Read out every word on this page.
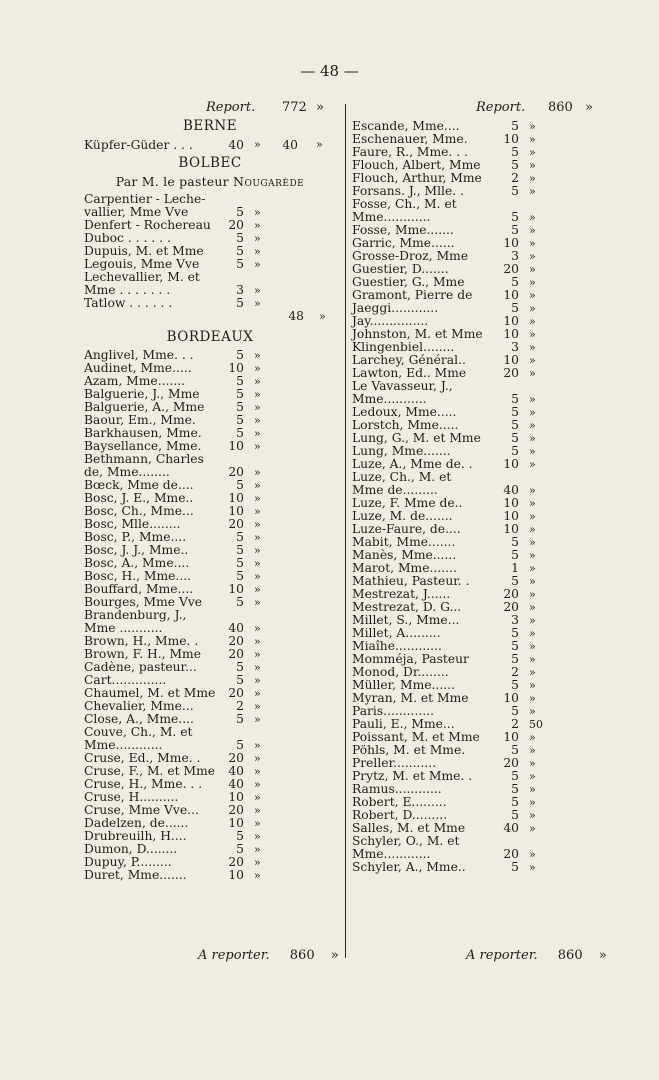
— 48 —
Report. 772 »
BERNE
Küpfer-Güder . . .	40 »	40 »
BOLBEC
Par M. le pasteur Nougarède
Carpentier - Leche-
vallier, Mme Vve	5 »
Denfert - Rochereau	20 »
Duboc . . . . . .	5 »
Dupuis, M. et Mme	5 »
Legouis, Mme Vve	5 »
Lechevallier, M. et
Mme . . . . . . .	3 »
Tatlow . . . . . .	5 »
48 »
BORDEAUX
Anglivel, Mme. . .	5 »
Audinet, Mme.....	10 »
Azam, Mme.......	5 »
Balguerie, J., Mme	5 »
Balguerie, A., Mme	5 »
Baour, Em., Mme.	5 »
Barkhausen, Mme.	5 »
Baysellance, Mme.	10 »
Bethmann, Charles
de, Mme........	20 »
Bœck, Mme de....	5 »
Bosc, J. E., Mme..	10 »
Bosc, Ch., Mme...	10 »
Bosc, Mlle........	20 »
Bosc, P., Mme....	5 »
Bosc, J. J., Mme..	5 »
Bosc, A., Mme....	5 »
Bosc, H., Mme....	5 »
Bouffard, Mme....	10 »
Bourges, Mme Vve	5 »
Brandenburg, J.,
Mme ...........	40 »
Brown, H., Mme. .	20 »
Brown, F. H., Mme	20 »
Cadène, pasteur...	5 »
Cart..............	5 »
Chaumel, M. et Mme	20 »
Chevalier, Mme...	2 »
Close, A., Mme....	5 »
Couve, Ch., M. et
Mme............	5 »
Cruse, Ed., Mme. .	20 »
Cruse, F., M. et Mme	40 »
Cruse, H., Mme. . .	40 »
Cruse, H..........	10 »
Cruse, Mme Vve...	20 »
Dadelzen, de......	10 »
Drubreuilh, H....	5 »
Dumon, D........	5 »
Dupuy, P.........	20 »
Duret, Mme.......	10 »
Report. 860 »
Escande, Mme....	5 »
Eschenauer, Mme.	10 »
Faure, R., Mme. . .	5 »
Flouch, Albert, Mme	5 »
Flouch, Arthur, Mme	2 »
Forsans. J., Mlle. .	5 »
Fosse, Ch., M. et
Mme............	5 »
Fosse, Mme.......	5 »
Garric, Mme......	10 »
Grosse-Droz, Mme	3 »
Guestier, D.......	20 »
Guestier, G., Mme	5 »
Gramont, Pierre de	10 »
Jaeggi............	5 »
Jay...............	10 »
Johnston, M. et Mme	10 »
Klingenbiel........	3 »
Larchey, Général..	10 »
Lawton, Ed.. Mme	20 »
Le Vavasseur, J.,
Mme...........	5 »
Ledoux, Mme.....	5 »
Lorstch, Mme.....	5 »
Lung, G., M. et Mme	5 »
Lung, Mme.......	5 »
Luze, A., Mme de. .	10 »
Luze, Ch., M. et
Mme de.........	40 »
Luze, F. Mme de..	10 »
Luze, M. de.......	10 »
Luze-Faure, de....	10 »
Mabit, Mme.......	5 »
Manès, Mme......	5 »
Marot, Mme.......	1 »
Mathieu, Pasteur. .	5 »
Mestrezat, J......	20 »
Mestrezat, D. G...	20 »
Millet, S., Mme...	3 »
Millet, A.........	5 »
Miaîhe............	5 »
Momméja, Pasteur	5 »
Monod, Dr........	2 »
Müller, Mme......	5 »
Myran, M. et Mme	10 »
Paris.............	5 »
Pauli, E., Mme...	2 50
Poissant, M. et Mme	10 »
Pöhls, M. et Mme.	5 »
Preller...........	20 »
Prytz, M. et Mme. .	5 »
Ramus............	5 »
Robert, E.........	5 »
Robert, D.........	5 »
Salles, M. et Mme	40 »
Schyler, O., M. et
Mme............	20 »
Schyler, A., Mme..	5 »
A reporter. 860 »	A reporter. 860 »
